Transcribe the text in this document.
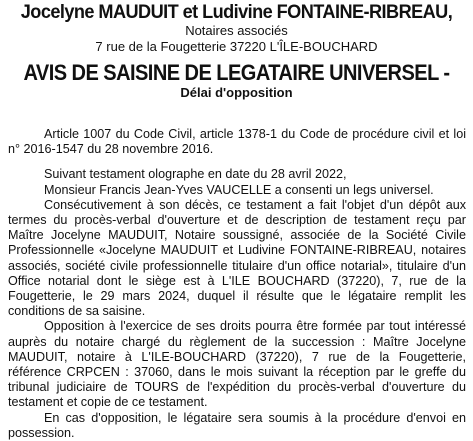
Jocelyne MAUDUIT et Ludivine FONTAINE-RIBREAU,

Notaires associés

7 rue de la Fougetterie 37220 L'ÎLE-BOUCHARD

AVIS DE SAISINE DE LEGATAIRE UNIVERSEL -

Délai d'opposition

Article 1007 du Code Civil, article 1378-1 du Code de procédure civil et loi n° 2016-1547 du 28 novembre 2016.

Suivant testament olographe en date du 28 avril 2022,

Monsieur Francis Jean-Yves VAUCELLE a consenti un legs universel.

Consécutivement à son décès, ce testament a fait l'objet d'un dépôt aux termes du procès-verbal d'ouverture et de description de testament reçu par Maître Jocelyne MAUDUIT, Notaire soussigné, associée de la Société Civile Professionnelle «Jocelyne MAUDUIT et Ludivine FONTAINE-RIBREAU, notaires associés, société civile professionnelle titulaire d'un office notarial», titulaire d'un Office notarial dont le siège est à L'ILE BOUCHARD (37220), 7, rue de la Fougetterie, le 29 mars 2024, duquel il résulte que le légataire remplit les conditions de sa saisine.

Opposition à l'exercice de ses droits pourra être formée par tout intéressé auprès du notaire chargé du règlement de la succession : Maître Jocelyne MAUDUIT, notaire à L'ILE-BOUCHARD (37220), 7 rue de la Fougetterie, référence CRPCEN : 37060, dans le mois suivant la réception par le greffe du tribunal judiciaire de TOURS de l'expédition du procès-verbal d'ouverture du testament et copie de ce testament.

En cas d'opposition, le légataire sera soumis à la procédure d'envoi en possession.
